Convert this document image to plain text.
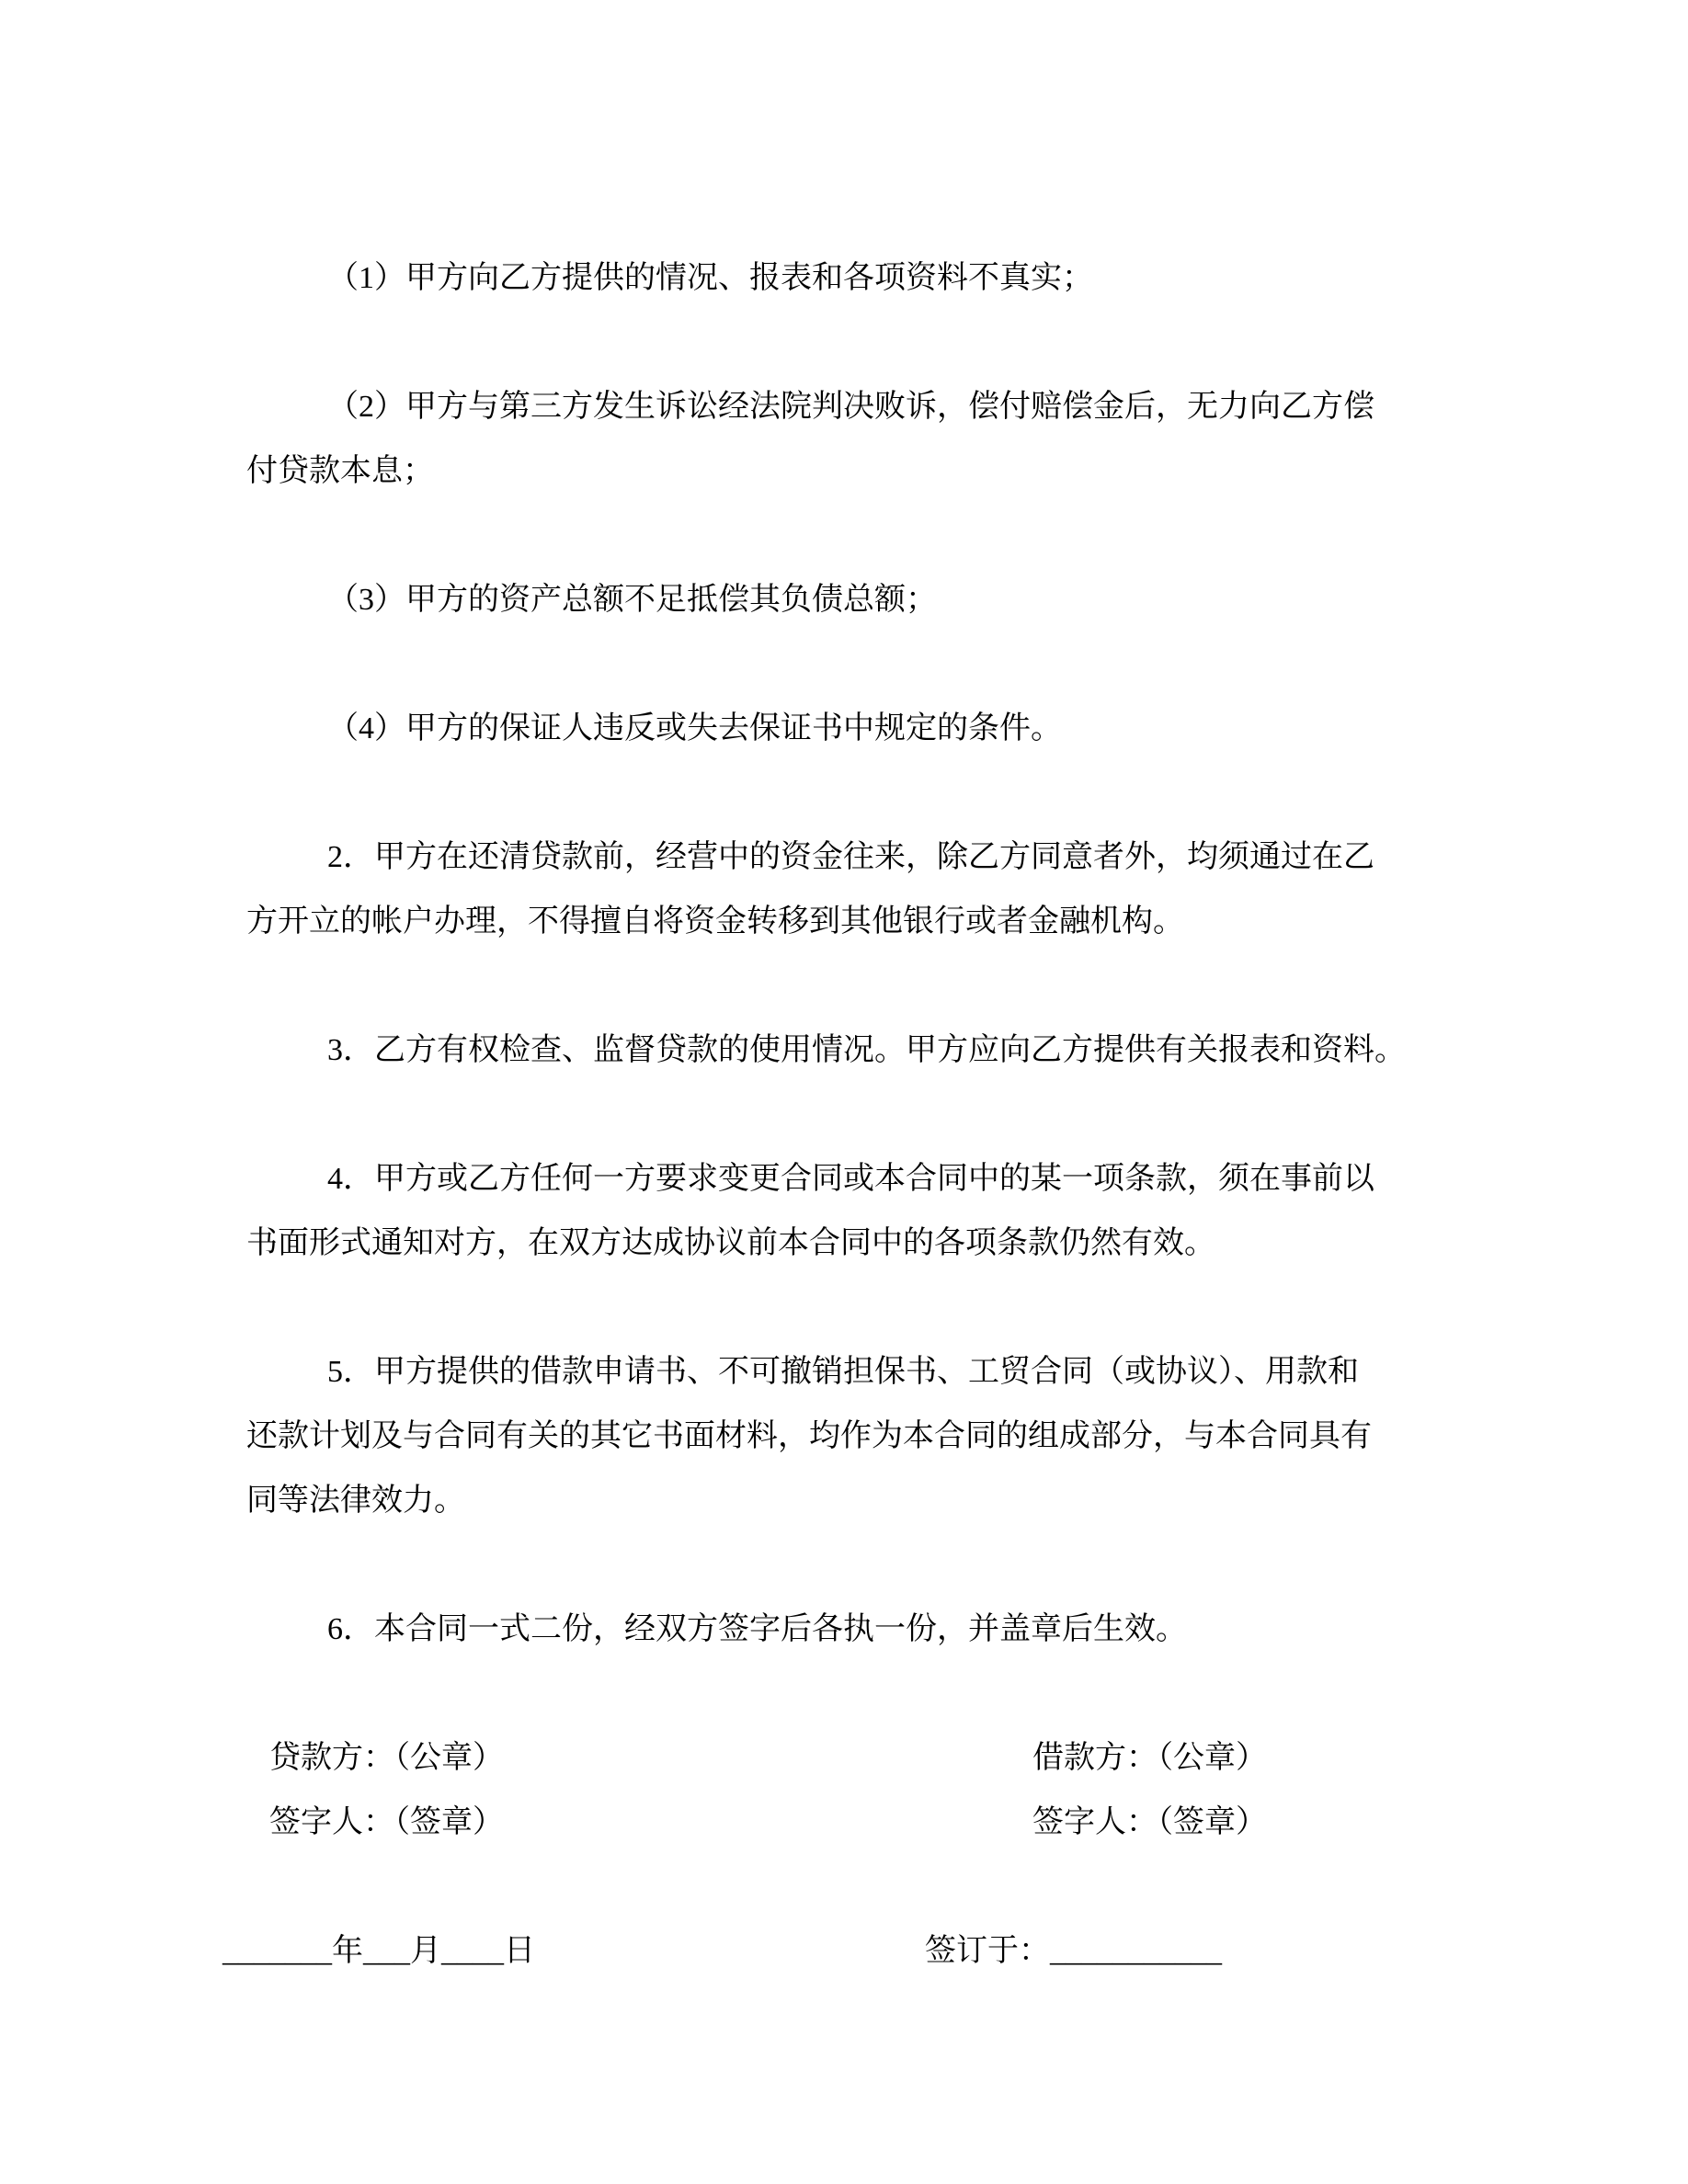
（1）甲方向乙方提供的情况、报表和各项资料不真实；

（2）甲方与第三方发生诉讼经法院判决败诉，偿付赔偿金后，无力向乙方偿
付贷款本息；

（3）甲方的资产总额不足抵偿其负债总额；

（4）甲方的保证人违反或失去保证书中规定的条件。

2．甲方在还清贷款前，经营中的资金往来，除乙方同意者外，均须通过在乙
方开立的帐户办理，不得擅自将资金转移到其他银行或者金融机构。

3．乙方有权检查、监督贷款的使用情况。甲方应向乙方提供有关报表和资料。

4．甲方或乙方任何一方要求变更合同或本合同中的某一项条款，须在事前以
书面形式通知对方，在双方达成协议前本合同中的各项条款仍然有效。

5．甲方提供的借款申请书、不可撤销担保书、工贸合同（或协议）、用款和
还款计划及与合同有关的其它书面材料，均作为本合同的组成部分，与本合同具有
同等法律效力。

6．本合同一式二份，经双方签字后各执一份，并盖章后生效。

贷款方：（公章）	借款方：（公章）
签字人：（签章）	签字人：（签章）
_______年___月____日	签订于：___________
